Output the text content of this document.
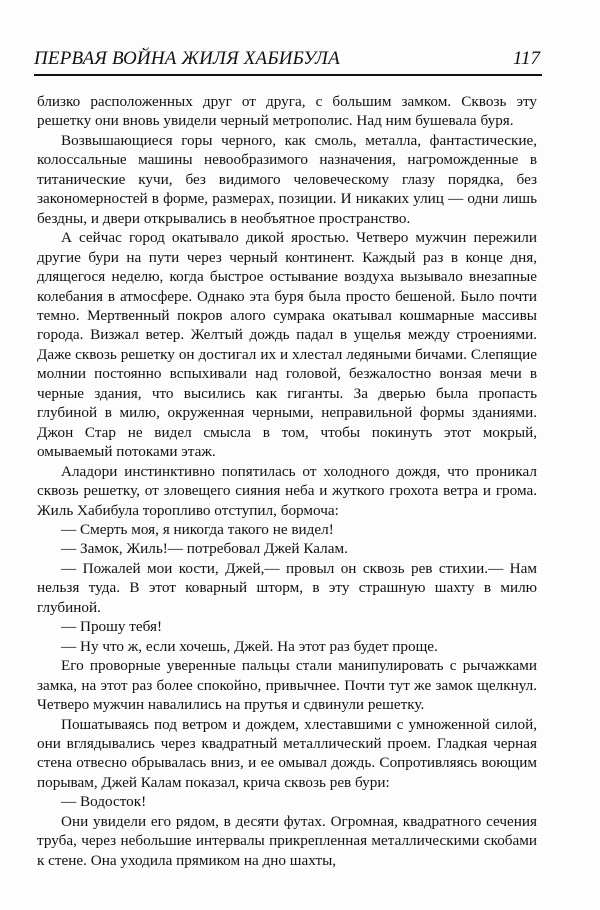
ПЕРВАЯ ВОЙНА ЖИЛЯ ХАБИБУЛА	117

близко расположенных друг от друга, с большим замком. Сквозь эту решетку они вновь увидели черный метрополис. Над ним бушевала буря.

Возвышающиеся горы черного, как смоль, металла, фантастические, колоссальные машины невообразимого назначения, нагроможденные в титанические кучи, без видимого человеческому глазу порядка, без закономерностей в форме, размерах, позиции. И никаких улиц — одни лишь бездны, и двери открывались в необъятное пространство.

А сейчас город окатывало дикой яростью. Четверо мужчин пережили другие бури на пути через черный континент. Каждый раз в конце дня, длящегося неделю, когда быстрое остывание воздуха вызывало внезапные колебания в атмосфере. Однако эта буря была просто бешеной. Было почти темно. Мертвенный покров алого сумрака окатывал кошмарные массивы города. Визжал ветер. Желтый дождь падал в ущелья между строениями. Даже сквозь решетку он достигал их и хлестал ледяными бичами. Слепящие молнии постоянно вспыхивали над головой, безжалостно вонзая мечи в черные здания, что высились как гиганты. За дверью была пропасть глубиной в милю, окруженная черными, неправильной формы зданиями. Джон Стар не видел смысла в том, чтобы покинуть этот мокрый, омываемый потоками этаж.

Аладори инстинктивно попятилась от холодного дождя, что проникал сквозь решетку, от зловещего сияния неба и жуткого грохота ветра и грома. Жиль Хабибула торопливо отступил, бормоча:

— Смерть моя, я никогда такого не видел!

— Замок, Жиль!— потребовал Джей Калам.

— Пожалей мои кости, Джей,— провыл он сквозь рев стихии.— Нам нельзя туда. В этот коварный шторм, в эту страшную шахту в милю глубиной.

— Прошу тебя!

— Ну что ж, если хочешь, Джей. На этот раз будет проще.

Его проворные уверенные пальцы стали манипулировать с рычажками замка, на этот раз более спокойно, привычнее. Почти тут же замок щелкнул. Четверо мужчин навалились на прутья и сдвинули решетку.

Пошатываясь под ветром и дождем, хлеставшими с умноженной силой, они вглядывались через квадратный металлический проем. Гладкая черная стена отвесно обрывалась вниз, и ее омывал дождь. Сопротивляясь воющим порывам, Джей Калам показал, крича сквозь рев бури:

— Водосток!

Они увидели его рядом, в десяти футах. Огромная, квадратного сечения труба, через небольшие интервалы прикрепленная металлическими скобами к стене. Она уходила прямиком на дно шахты,
